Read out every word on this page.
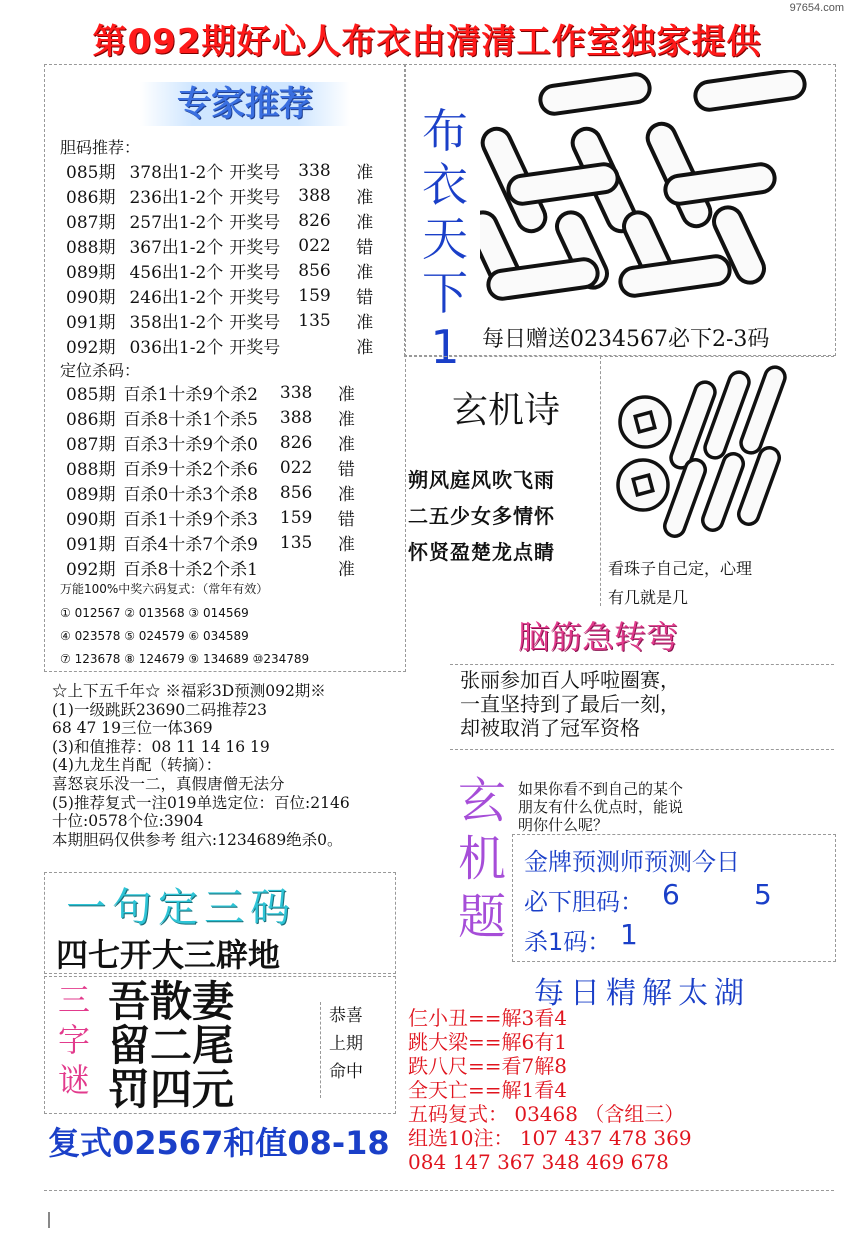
97654.com
第092期好心人布衣由清清工作室独家提供
专家推荐
胆码推荐：
085期	378出1-2个	开奖号	338	准
086期	236出1-2个	开奖号	388	准
087期	257出1-2个	开奖号	826	准
088期	367出1-2个	开奖号	022	错
089期	456出1-2个	开奖号	856	准
090期	246出1-2个	开奖号	159	错
091期	358出1-2个	开奖号	135	准
092期	036出1-2个	开奖号		准
定位杀码：
085期	百杀1十杀9个杀2	338	准
086期	百杀8十杀1个杀5	388	准
087期	百杀3十杀9个杀0	826	准
088期	百杀9十杀2个杀6	022	错
089期	百杀0十杀3个杀8	856	准
090期	百杀1十杀9个杀3	159	错
091期	百杀4十杀7个杀9	135	准
092期	百杀8十杀2个杀1		准
万能100%中奖六码复式：（常年有效）
① 012567 ② 013568 ③ 014569
④ 023578 ⑤ 024579 ⑥ 034589
⑦ 123678 ⑧ 124679 ⑨ 134689 ⑩234789
☆上下五千年☆ ※福彩3D预测092期※
(1)一级跳跃23690二码推荐23
68 47 19三位一体369
(3)和值推荐：08 11 14 16 19
(4)九龙生肖配（转摘）：
喜怒哀乐没一二，真假唐僧无法分
(5)推荐复式一注019单选定位：百位:2146
十位:0578个位:3904
本期胆码仅供参考 组六:1234689绝杀0。
布
衣
天
下
1	每日赠送0234567必下2-3码
玄机诗
朔风庭风吹飞雨
二五少女多情怀
怀贤盈楚龙点睛
看珠子自己定，心理
有几就是几
脑筋急转弯
张丽参加百人呼啦圈赛，
一直坚持到了最后一刻，
却被取消了冠军资格
玄
机
题
如果你看不到自己的某个
朋友有什么优点时，能说
明你什么呢？
金牌预测师预测今日
必下胆码： 6	5
杀1码： 1
每日精解太湖
仨小丑==解3看4
跳大梁==解6有1
跌八尺==看7解8
全天亡==解1看4
五码复式： 03468 （含组三）
组选10注： 107 437 478 369
084 147 367 348 469 678
一句定三码
四七开大三辟地
三
字
谜
吾散妻
留二尾
罚四元
恭喜
上期
命中
复式02567和值08-18
